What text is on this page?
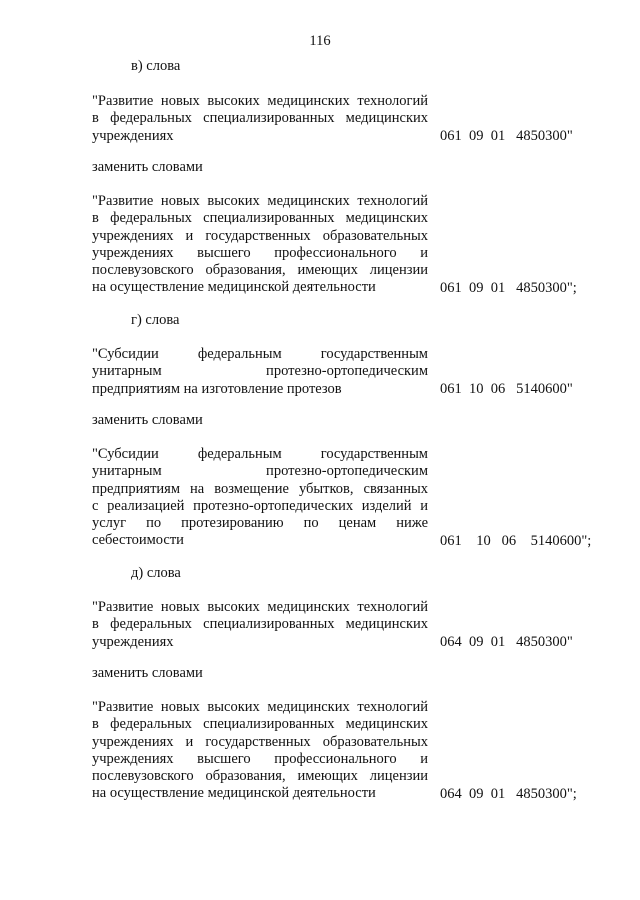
116
в) слова
"Развитие новых высоких медицинских технологий
в федеральных специализированных медицинских
учреждениях	061  09  01   4850300"
заменить словами
"Развитие новых высоких медицинских технологий
в федеральных специализированных медицинских
учреждениях и государственных образовательных
учреждениях высшего профессионального и
послевузовского образования, имеющих лицензии
на осуществление медицинской деятельности	061  09  01   4850300";
г) слова
"Субсидии федеральным государственным
унитарным протезно-ортопедическим
предприятиям на изготовление протезов	061  10  06   5140600"
заменить словами
"Субсидии федеральным государственным
унитарным протезно-ортопедическим
предприятиям на возмещение убытков, связанных
с реализацией протезно-ортопедических изделий и
услуг по протезированию по ценам ниже
себестоимости	061    10   06    5140600";
д) слова
"Развитие новых высоких медицинских технологий
в федеральных специализированных медицинских
учреждениях	064  09  01   4850300"
заменить словами
"Развитие новых высоких медицинских технологий
в федеральных специализированных медицинских
учреждениях и государственных образовательных
учреждениях высшего профессионального и
послевузовского образования, имеющих лицензии
на осуществление медицинской деятельности	064  09  01   4850300";
